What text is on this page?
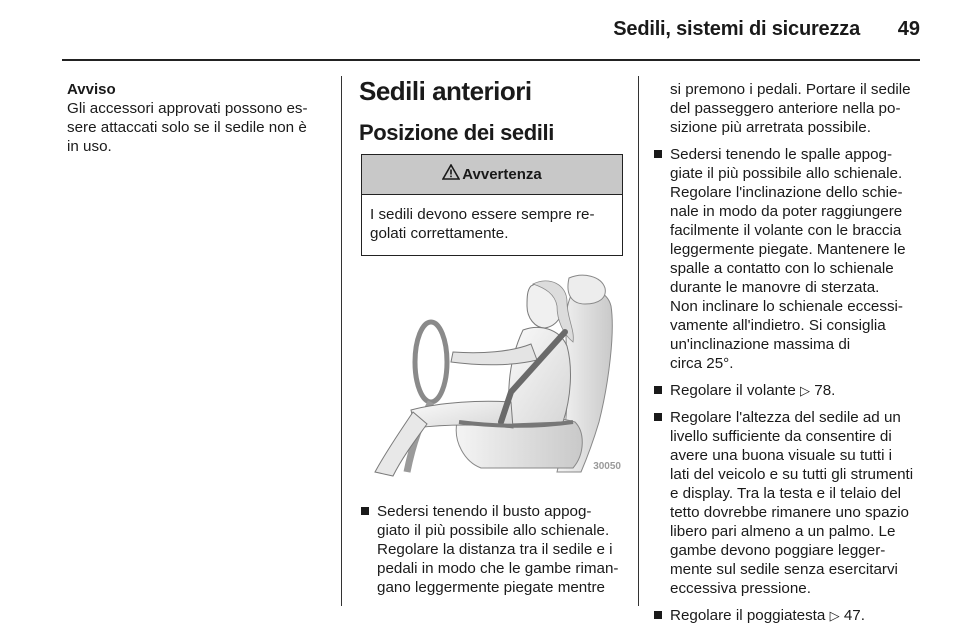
Sedili, sistemi di sicurezza 49
Avviso
Gli accessori approvati possono es-
sere attaccati solo se il sedile non è
in uso.
Sedili anteriori
Posizione dei sedili
Avvertenza
I sedili devono essere sempre re-
golati correttamente.
30050
Sedersi tenendo il busto appog-
giato il più possibile allo schienale.
Regolare la distanza tra il sedile e i
pedali in modo che le gambe riman-
gano leggermente piegate mentre
si premono i pedali. Portare il sedile
del passeggero anteriore nella po-
sizione più arretrata possibile.
Sedersi tenendo le spalle appog-
giate il più possibile allo schienale.
Regolare l'inclinazione dello schie-
nale in modo da poter raggiungere
facilmente il volante con le braccia
leggermente piegate. Mantenere le
spalle a contatto con lo schienale
durante le manovre di sterzata.
Non inclinare lo schienale eccessi-
vamente all'indietro. Si consiglia
un'inclinazione massima di
circa 25°.
Regolare il volante ▷ 78.
Regolare l'altezza del sedile ad un
livello sufficiente da consentire di
avere una buona visuale su tutti i
lati del veicolo e su tutti gli strumenti
e display. Tra la testa e il telaio del
tetto dovrebbe rimanere uno spazio
libero pari almeno a un palmo. Le
gambe devono poggiare legger-
mente sul sedile senza esercitarvi
eccessiva pressione.
Regolare il poggiatesta ▷ 47.
